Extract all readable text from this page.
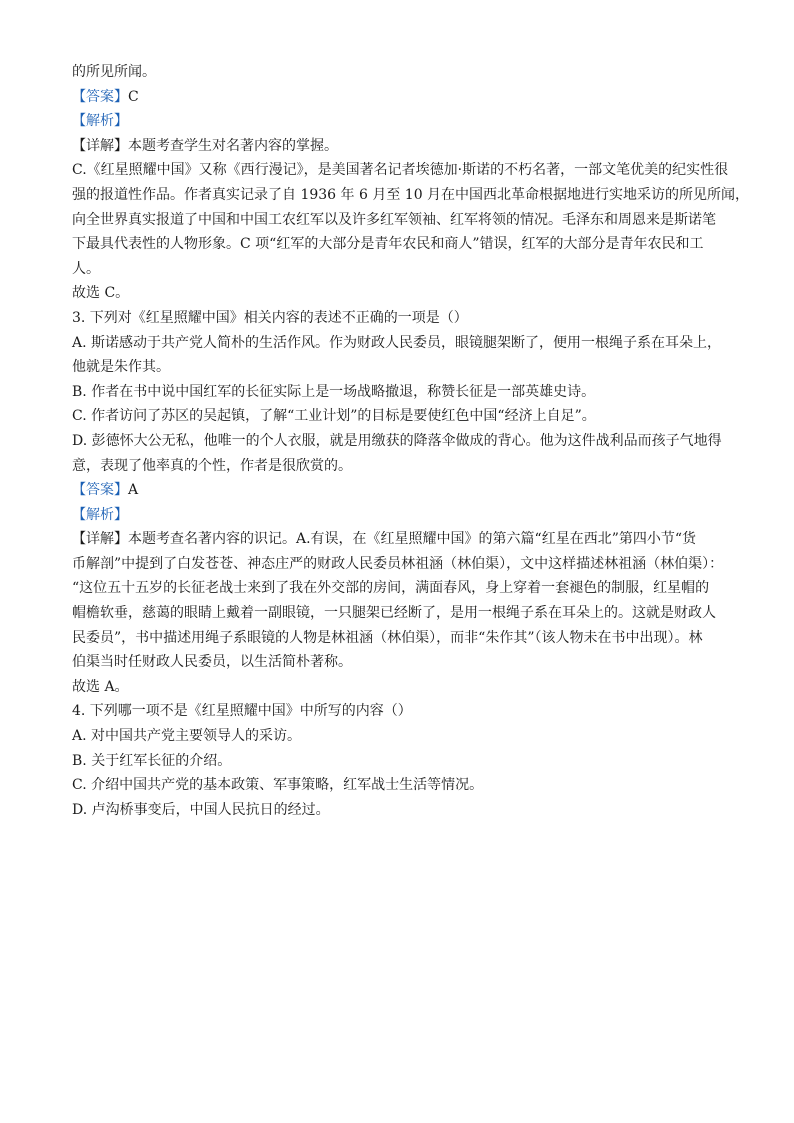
的所见所闻。

【答案】C

【解析】

【详解】本题考查学生对名著内容的掌握。

C.《红星照耀中国》又称《西行漫记》，是美国著名记者埃德加·斯诺的不朽名著，一部文笔优美的纪实性很

强的报道性作品。作者真实记录了自 1936 年 6 月至 10 月在中国西北革命根据地进行实地采访的所见所闻，

向全世界真实报道了中国和中国工农红军以及许多红军领袖、红军将领的情况。毛泽东和周恩来是斯诺笔

下最具代表性的人物形象。C 项“红军的大部分是青年农民和商人”错误，红军的大部分是青年农民和工

人。

故选 C。

3. 下列对《红星照耀中国》相关内容的表述不正确的一项是（）

A. 斯诺感动于共产党人简朴的生活作风。作为财政人民委员，眼镜腿架断了，便用一根绳子系在耳朵上，

他就是朱作其。

B. 作者在书中说中国红军的长征实际上是一场战略撤退，称赞长征是一部英雄史诗。

C. 作者访问了苏区的吴起镇，了解“工业计划”的目标是要使红色中国“经济上自足”。

D. 彭德怀大公无私，他唯一的个人衣服，就是用缴获的降落伞做成的背心。他为这件战利品而孩子气地得

意，表现了他率真的个性，作者是很欣赏的。

【答案】A

【解析】

【详解】本题考查名著内容的识记。A.有误，在《红星照耀中国》的第六篇“红星在西北”第四小节“货

币解剖”中提到了白发苍苍、神态庄严的财政人民委员林祖涵（林伯渠），文中这样描述林祖涵（林伯渠）：

“这位五十五岁的长征老战士来到了我在外交部的房间，满面春风，身上穿着一套褪色的制服，红星帽的

帽檐软垂，慈蔼的眼睛上戴着一副眼镜，一只腿架已经断了，是用一根绳子系在耳朵上的。这就是财政人

民委员”，书中描述用绳子系眼镜的人物是林祖涵（林伯渠），而非“朱作其”（该人物未在书中出现）。林

伯渠当时任财政人民委员，以生活简朴著称。

故选 A。

4. 下列哪一项不是《红星照耀中国》中所写的内容（）

A. 对中国共产党主要领导人的采访。

B. 关于红军长征的介绍。

C. 介绍中国共产党的基本政策、军事策略，红军战士生活等情况。

D. 卢沟桥事变后，中国人民抗日的经过。
